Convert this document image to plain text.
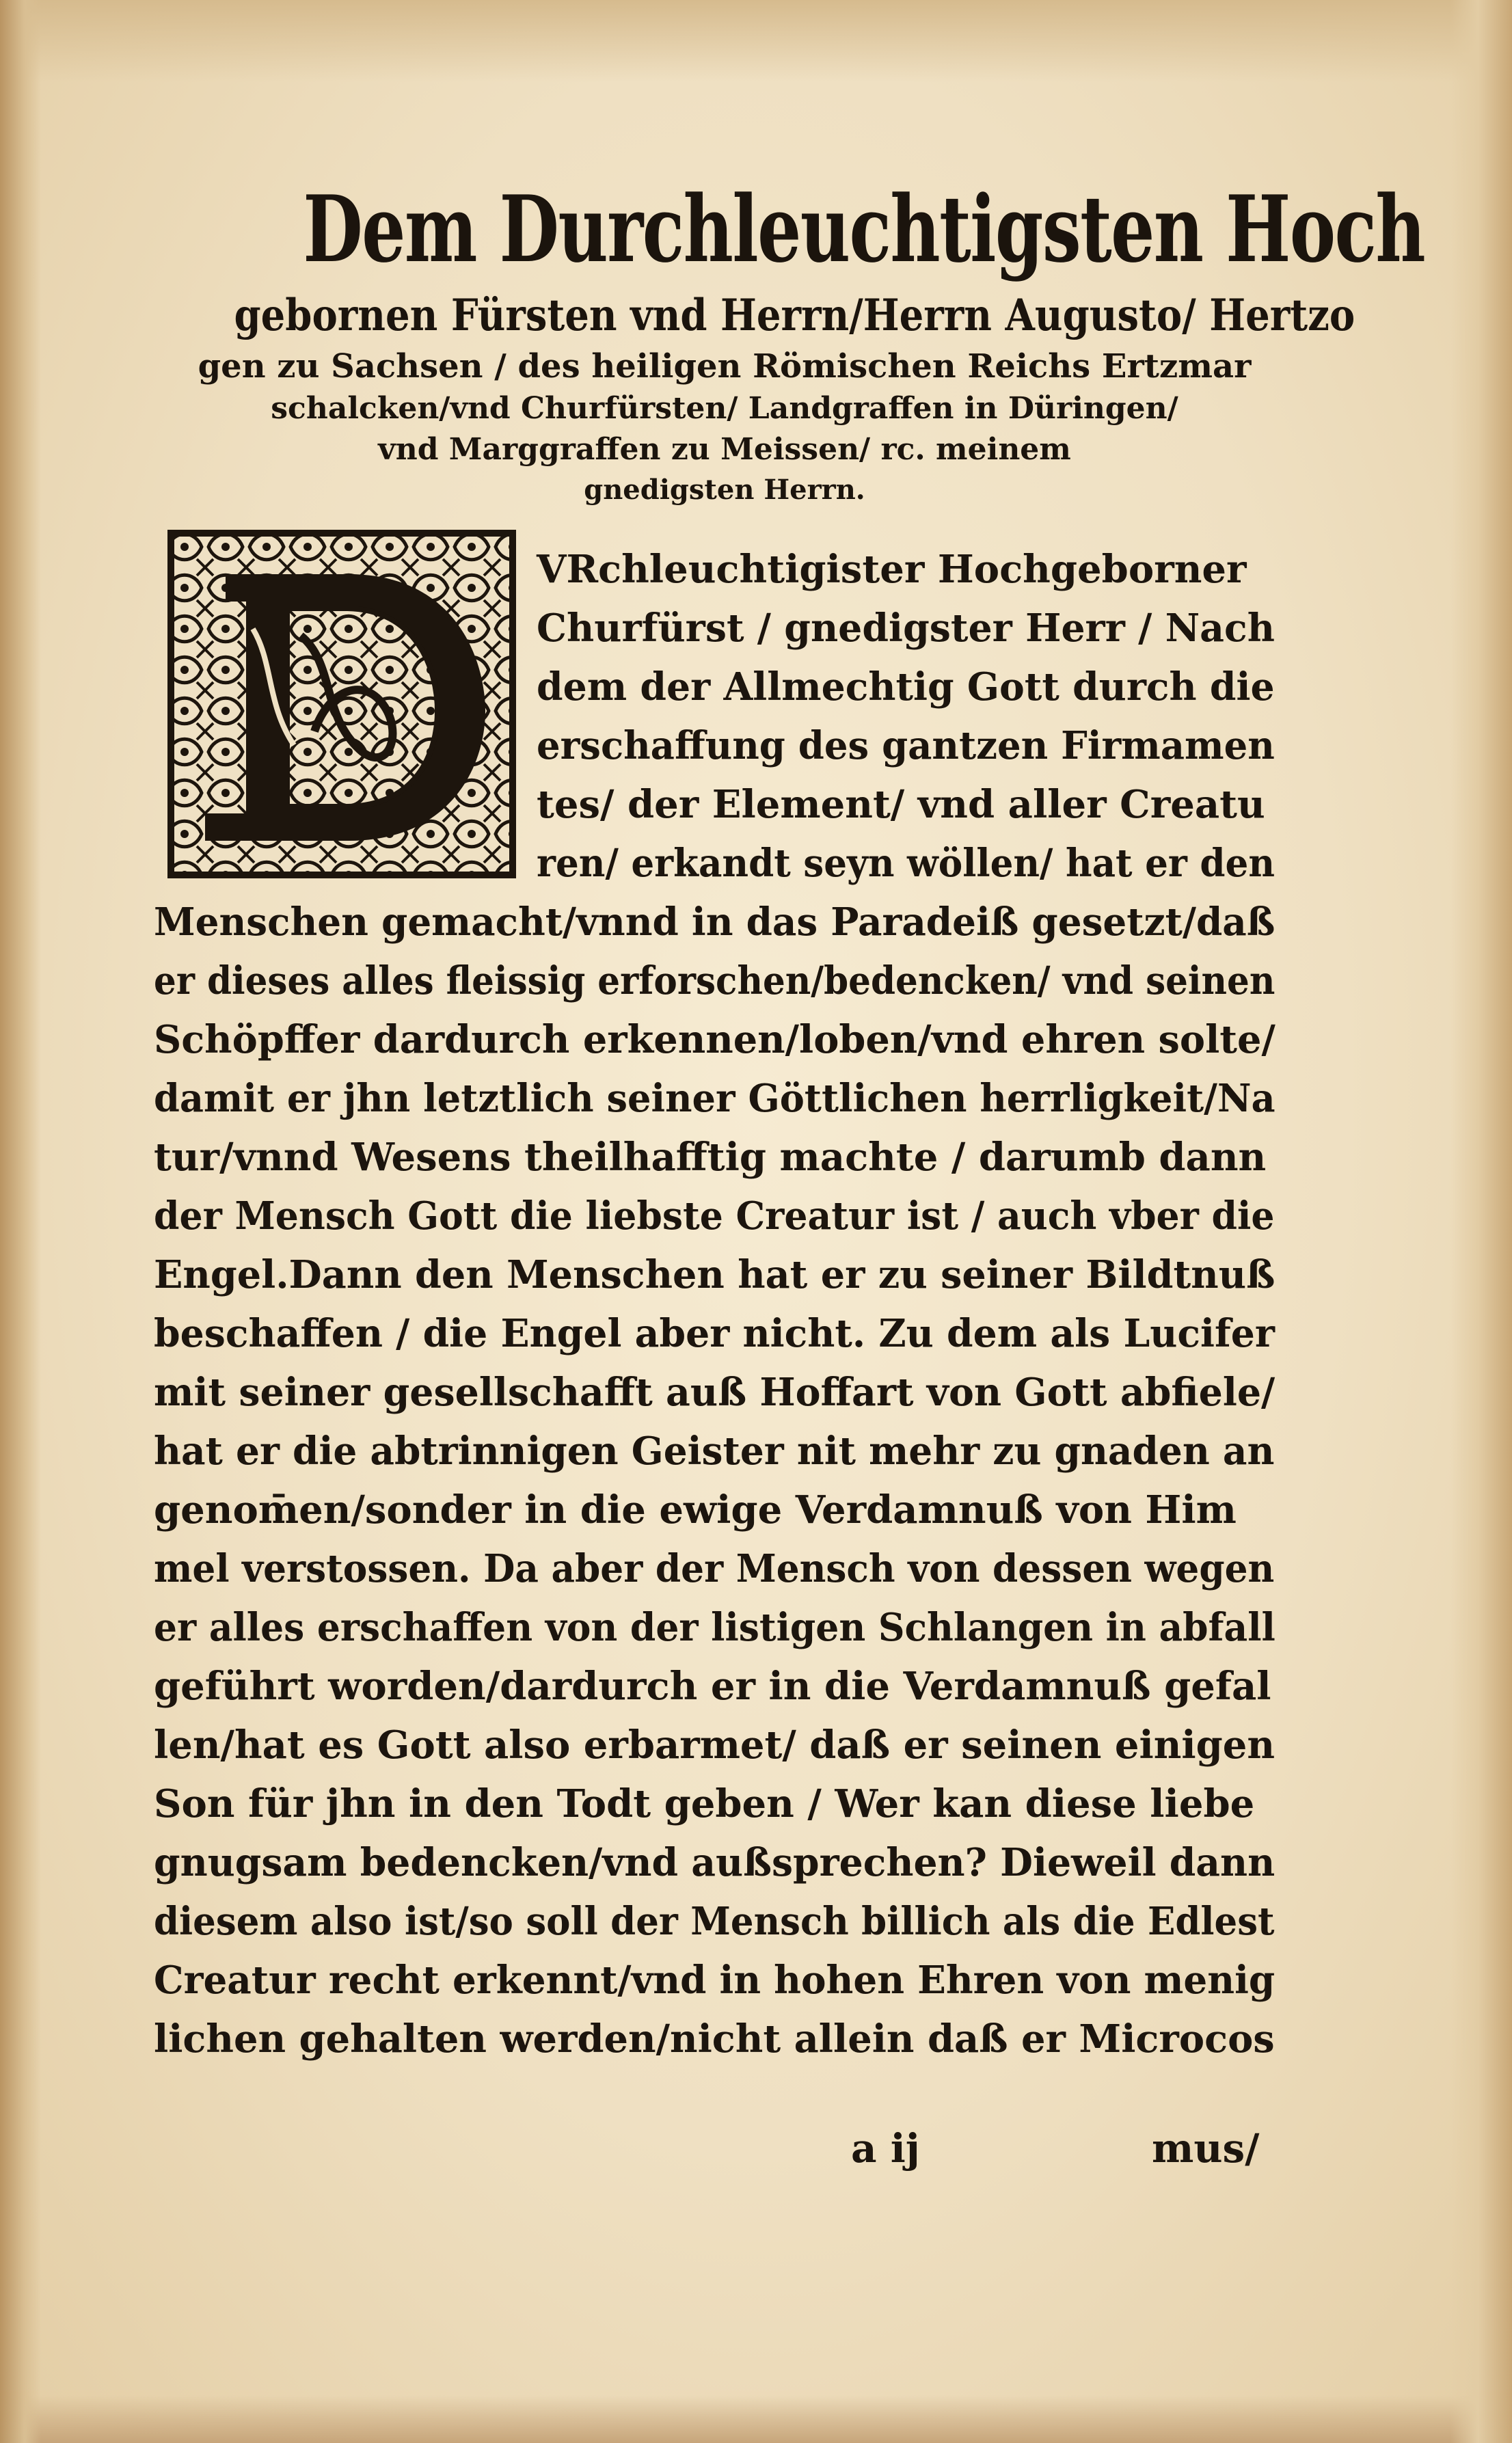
Dem Durchleuchtigsten Hoch
gebornen Fürsten vnd Herrn/Herrn Augusto/ Hertzo
gen zu Sachsen / des heiligen Römischen Reichs Ertzmar
schalcken/vnd Churfürsten/ Landgraffen in Düringen/
vnd Marggraffen zu Meissen/ rc. meinem
gnedigsten Herrn.
VRchleuchtigister Hochgeborner
Churfürst / gnedigster Herr / Nach
dem der Allmechtig Gott durch die
erschaffung des gantzen Firmamen
tes/ der Element/ vnd aller Creatu
ren/ erkandt seyn wöllen/ hat er den
Menschen gemacht/vnnd in das Paradeiß gesetzt/daß
er dieses alles fleissig erforschen/bedencken/ vnd seinen
Schöpffer dardurch erkennen/loben/vnd ehren solte/
damit er jhn letztlich seiner Göttlichen herrligkeit/Na
tur/vnnd Wesens theilhafftig machte / darumb dann
der Mensch Gott die liebste Creatur ist / auch vber die
Engel.Dann den Menschen hat er zu seiner Bildtnuß
beschaffen / die Engel aber nicht. Zu dem als Lucifer
mit seiner gesellschafft auß Hoffart von Gott abfiele/
hat er die abtrinnigen Geister nit mehr zu gnaden an
genom̄en/sonder in die ewige Verdamnuß von Him
mel verstossen. Da aber der Mensch von dessen wegen
er alles erschaffen von der listigen Schlangen in abfall
geführt worden/dardurch er in die Verdamnuß gefal
len/hat es Gott also erbarmet/ daß er seinen einigen
Son für jhn in den Todt geben / Wer kan diese liebe
gnugsam bedencken/vnd außsprechen? Dieweil dann
diesem also ist/so soll der Mensch billich als die Edlest
Creatur recht erkennt/vnd in hohen Ehren von menig
lichen gehalten werden/nicht allein daß er Microcos
a ij	mus/
